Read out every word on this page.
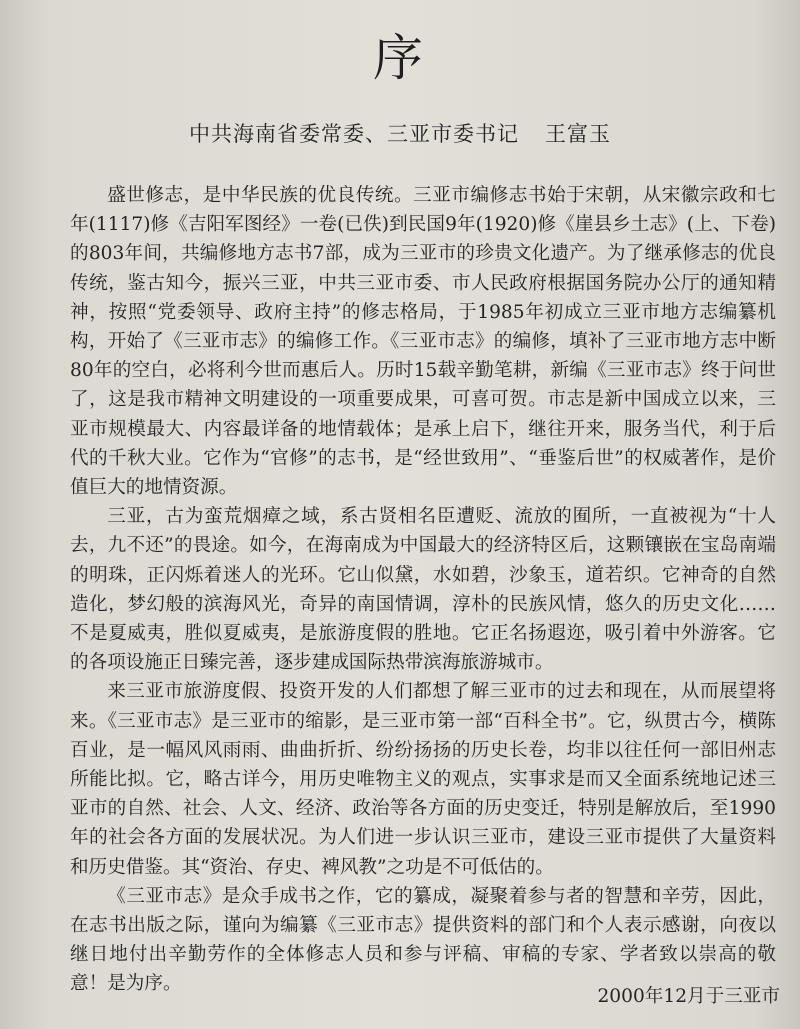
序
中共海南省委常委、三亚市委书记 王富玉

盛世修志，是中华民族的优良传统。三亚市编修志书始于宋朝，从宋徽宗政和七年(1117)修《吉阳军图经》一卷(已佚)到民国9年(1920)修《崖县乡土志》(上、下卷)的803年间，共编修地方志书7部，成为三亚市的珍贵文化遗产。为了继承修志的优良传统，鉴古知今，振兴三亚，中共三亚市委、市人民政府根据国务院办公厅的通知精神，按照“党委领导、政府主持”的修志格局，于1985年初成立三亚市地方志编纂机构，开始了《三亚市志》的编修工作。《三亚市志》的编修，填补了三亚市地方志中断80年的空白，必将利今世而惠后人。历时15载辛勤笔耕，新编《三亚市志》终于问世了，这是我市精神文明建设的一项重要成果，可喜可贺。市志是新中国成立以来，三亚市规模最大、内容最详备的地情载体；是承上启下，继往开来，服务当代，利于后代的千秋大业。它作为“官修”的志书，是“经世致用”、“垂鉴后世”的权威著作，是价值巨大的地情资源。

三亚，古为蛮荒烟瘴之域，系古贤相名臣遭贬、流放的囿所，一直被视为“十人去，九不还”的畏途。如今，在海南成为中国最大的经济特区后，这颗镶嵌在宝岛南端的明珠，正闪烁着迷人的光环。它山似黛，水如碧，沙象玉，道若织。它神奇的自然造化，梦幻般的滨海风光，奇异的南国情调，淳朴的民族风情，悠久的历史文化……不是夏威夷，胜似夏威夷，是旅游度假的胜地。它正名扬遐迩，吸引着中外游客。它的各项设施正日臻完善，逐步建成国际热带滨海旅游城市。

来三亚市旅游度假、投资开发的人们都想了解三亚市的过去和现在，从而展望将来。《三亚市志》是三亚市的缩影，是三亚市第一部“百科全书”。它，纵贯古今，横陈百业，是一幅风风雨雨、曲曲折折、纷纷扬扬的历史长卷，均非以往任何一部旧州志所能比拟。它，略古详今，用历史唯物主义的观点，实事求是而又全面系统地记述三亚市的自然、社会、人文、经济、政治等各方面的历史变迁，特别是解放后，至1990年的社会各方面的发展状况。为人们进一步认识三亚市，建设三亚市提供了大量资料和历史借鉴。其“资治、存史、裨风教”之功是不可低估的。

《三亚市志》是众手成书之作，它的纂成，凝聚着参与者的智慧和辛劳，因此，在志书出版之际，谨向为编纂《三亚市志》提供资料的部门和个人表示感谢，向夜以继日地付出辛勤劳作的全体修志人员和参与评稿、审稿的专家、学者致以崇高的敬意！是为序。

2000年12月于三亚市
